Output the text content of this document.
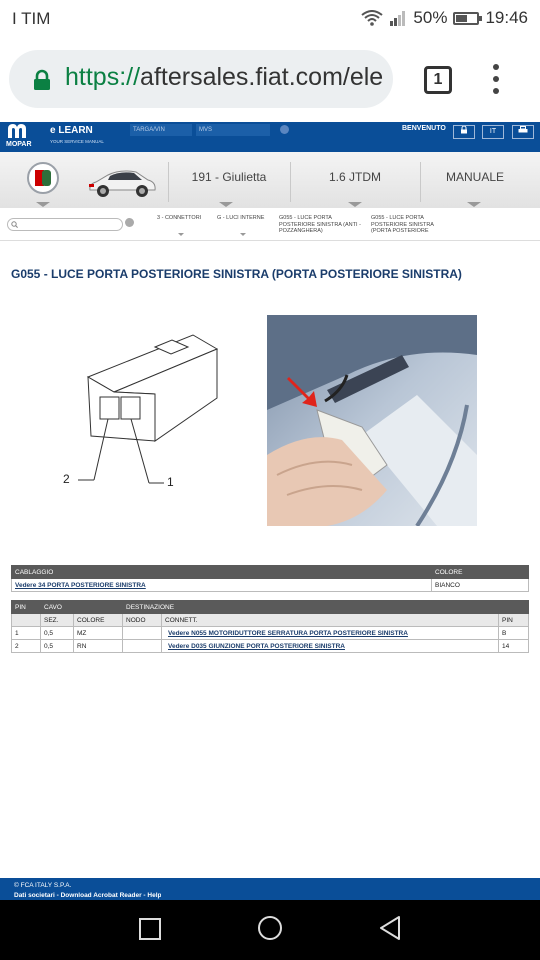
I TIM	50% 19:46
https://aftersales.fiat.com/ele	1
MOPAR
e LEARN
YOUR SERVICE MANUAL
TARGA/VIN	MVS	BENVENUTO	IT
191 - Giulietta	1.6 JTDM	MANUALE
3 - CONNETTORI	G - LUCI INTERNE	G055 - LUCE PORTA POSTERIORE SINISTRA (ANTI - POZZANGHERA)
G055 - LUCE PORTA POSTERIORE SINISTRA (PORTA POSTERIORE
G055 - LUCE PORTA POSTERIORE SINISTRA (PORTA POSTERIORE SINISTRA)
2	1
CABLAGGIO	COLORE
Vedere 34 PORTA POSTERIORE SINISTRA	BIANCO
PIN	CAVO		DESTINAZIONE		
	SEZ.	COLORE	NODO	CONNETT.	PIN
1	0,5	MZ		Vedere N055 MOTORIDUTTORE SERRATURA PORTA POSTERIORE SINISTRA	B
2	0,5	RN		Vedere D035 GIUNZIONE PORTA POSTERIORE SINISTRA	14
© FCA ITALY S.P.A.
Dati societari - Download Acrobat Reader - Help
